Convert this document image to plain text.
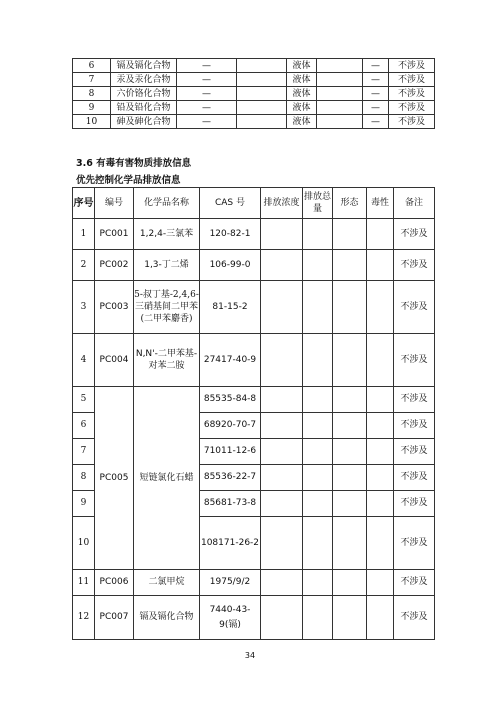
6	镉及镉化合物	—		液体		—	不涉及
7	汞及汞化合物	—		液体		—	不涉及
8	六价铬化合物	—		液体		—	不涉及
9	铅及铅化合物	—		液体		—	不涉及
10	砷及砷化合物	—		液体		—	不涉及

3.6 有毒有害物质排放信息

优先控制化学品排放信息

序号	编号	化学品名称	CAS 号	排放浓度	排放总量	形态	毒性	备注
1	PC001	1,2,4-三氯苯	120-82-1					不涉及
2	PC002	1,3-丁二烯	106-99-0					不涉及
3	PC003	5-叔丁基-2,4,6-三硝基间二甲苯(二甲苯麝香)	81-15-2					不涉及
4	PC004	N,N'-二甲苯基-对苯二胺	27417-40-9					不涉及
5	PC005	短链氯化石蜡	85535-84-8					不涉及
6			68920-70-7					不涉及
7			71011-12-6					不涉及
8			85536-22-7					不涉及
9			85681-73-8					不涉及
10			108171-26-2					不涉及
11	PC006	二氯甲烷	1975/9/2					不涉及
12	PC007	镉及镉化合物	7440-43-9(镉)					不涉及
34
